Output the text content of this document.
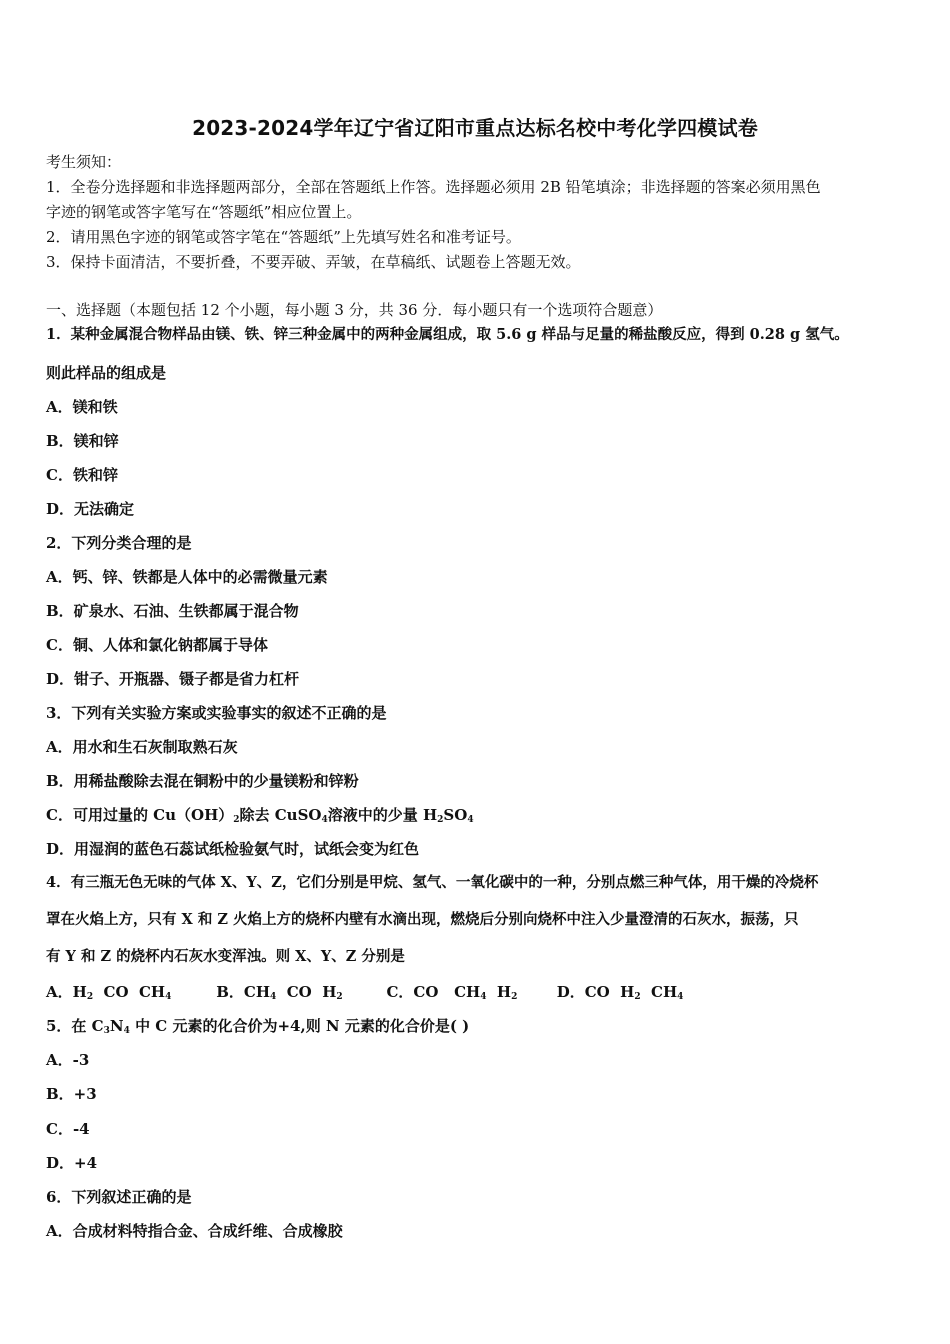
2023-2024学年辽宁省辽阳市重点达标名校中考化学四模试卷
考生须知：
1．全卷分选择题和非选择题两部分，全部在答题纸上作答。选择题必须用 2B 铅笔填涂；非选择题的答案必须用黑色
字迹的钢笔或答字笔写在“答题纸”相应位置上。
2．请用黑色字迹的钢笔或答字笔在“答题纸”上先填写姓名和准考证号。
3．保持卡面清洁，不要折叠，不要弄破、弄皱，在草稿纸、试题卷上答题无效。
一、选择题（本题包括 12 个小题，每小题 3 分，共 36 分．每小题只有一个选项符合题意）
1．某种金属混合物样品由镁、铁、锌三种金属中的两种金属组成，取 5.6 g 样品与足量的稀盐酸反应，得到 0.28 g 氢气。
则此样品的组成是
A．镁和铁
B．镁和锌
C．铁和锌
D．无法确定
2．下列分类合理的是
A．钙、锌、铁都是人体中的必需微量元素
B．矿泉水、石油、生铁都属于混合物
C．铜、人体和氯化钠都属于导体
D．钳子、开瓶器、镊子都是省力杠杆
3．下列有关实验方案或实验事实的叙述不正确的是
A．用水和生石灰制取熟石灰
B．用稀盐酸除去混在铜粉中的少量镁粉和锌粉
C．可用过量的 $Cu(OH)_2$除去 CuSO$_4$溶液中的少量 $H_2SO_4$
D．用湿润的蓝色石蕊试纸检验氨气时，试纸会变为红色
4．有三瓶无色无味的气体 X、Y、Z，它们分别是甲烷、氢气、一氧化碳中的一种，分别点燃三种气体，用干燥的冷烧杯
罩在火焰上方，只有 X 和 Z 火焰上方的烧杯内壁有水滴出现，燃烧后分别向烧杯中注入少量澄清的石灰水，振荡，只
有 Y 和 Z 的烧杯内石灰水变浑浊。则 X、Y、Z 分别是
A．$H_2$  CO  $CH_4$	B．$CH_4$  CO  $H_2$	C．CO   $CH_4$  $H_2$	D．CO  $H_2$  $CH_4$
5．在 $C_3N_4$ 中 C 元素的化合价为+4,则 N 元素的化合价是( )
A．-3
B．+3
C．-4
D．+4
6．下列叙述正确的是
A．合成材料特指合金、合成纤维、合成橡胶
